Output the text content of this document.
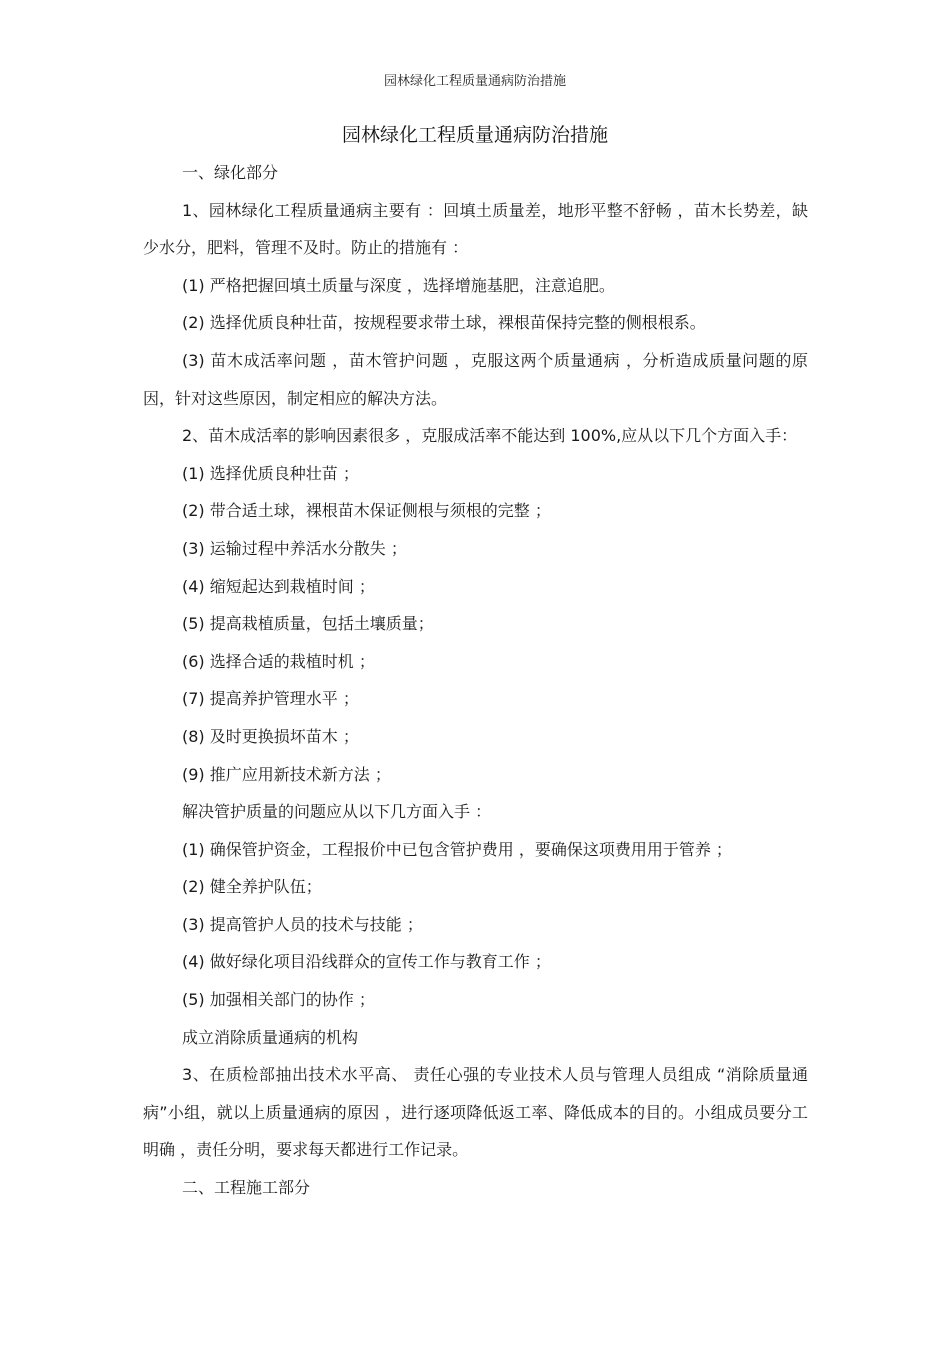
园林绿化工程质量通病防治措施
园林绿化工程质量通病防治措施

一、绿化部分

1、园林绿化工程质量通病主要有 ：回填土质量差，地形平整不舒畅 ，苗木长势差，缺少水分，肥料，管理不及时。防止的措施有 ：

(1) 严格把握回填土质量与深度 ，选择增施基肥，注意追肥。

(2) 选择优质良种壮苗，按规程要求带土球，裸根苗保持完整的侧根根系。

(3) 苗木成活率问题 ，苗木管护问题 ，克服这两个质量通病 ，分析造成质量问题的原因，针对这些原因，制定相应的解决方法。

2、苗木成活率的影响因素很多 ，克服成活率不能达到 100%,应从以下几个方面入手：

(1) 选择优质良种壮苗 ；

(2) 带合适土球，裸根苗木保证侧根与须根的完整 ；

(3) 运输过程中养活水分散失 ；

(4) 缩短起达到栽植时间 ；

(5) 提高栽植质量，包括土壤质量；

(6) 选择合适的栽植时机 ；

(7) 提高养护管理水平 ；

(8) 及时更换损坏苗木 ；

(9) 推广应用新技术新方法 ；

解决管护质量的问题应从以下几方面入手 ：

(1) 确保管护资金，工程报价中已包含管护费用 ，要确保这项费用用于管养 ；

(2) 健全养护队伍；

(3) 提高管护人员的技术与技能 ；

(4) 做好绿化项目沿线群众的宣传工作与教育工作 ；

(5) 加强相关部门的协作 ；

成立消除质量通病的机构

3、在质检部抽出技术水平高、 责任心强的专业技术人员与管理人员组成 “消除质量通病”小组，就以上质量通病的原因 ，进行逐项降低返工率、降低成本的目的。小组成员要分工明确 ，责任分明，要求每天都进行工作记录。

二、工程施工部分
